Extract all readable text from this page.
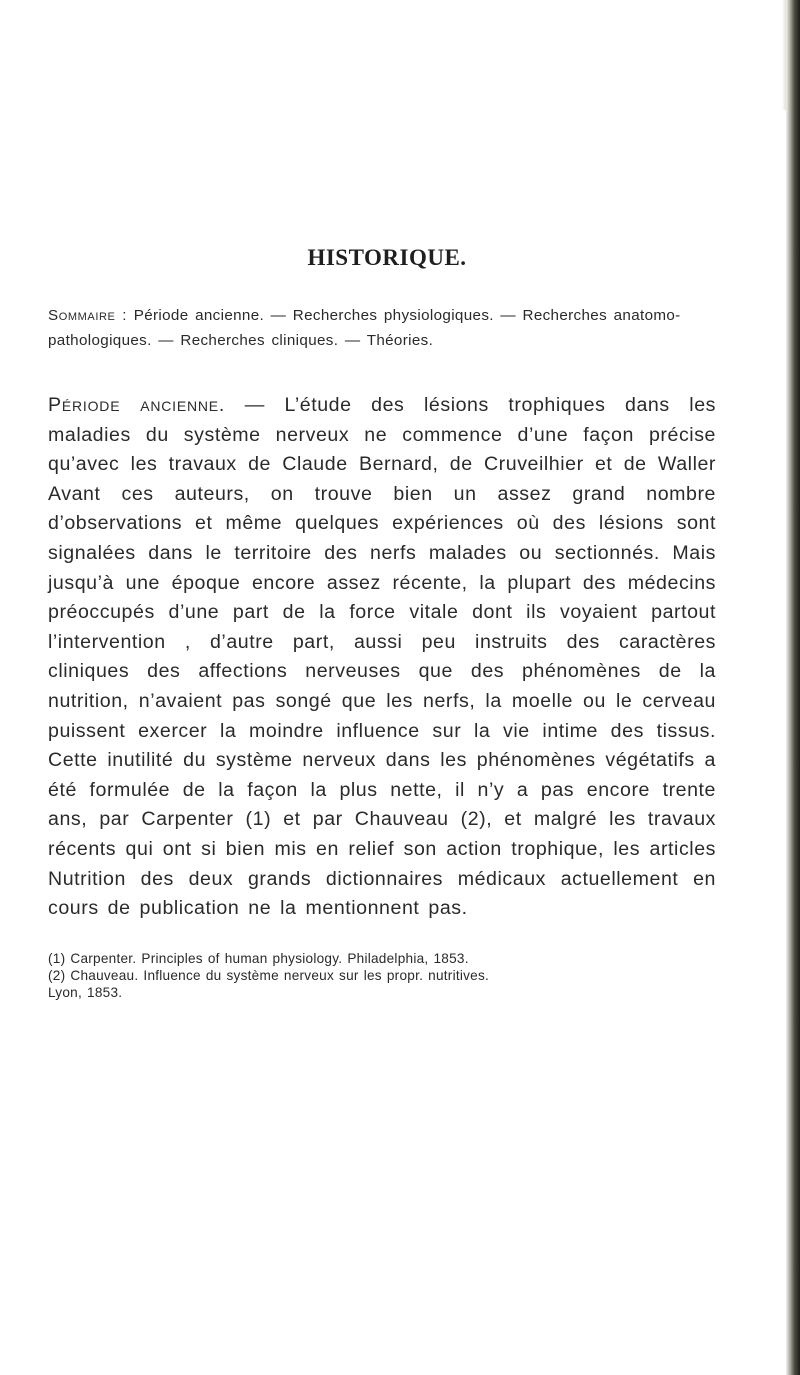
HISTORIQUE.

Sommaire : Période ancienne. — Recherches physiologiques. — Recherches anatomo-pathologiques. — Recherches cliniques. — Théories.

Période ancienne. — L’étude des lésions trophiques dans les maladies du système nerveux ne commence d’une façon précise qu’avec les travaux de Claude Bernard, de Cruveilhier et de Waller Avant ces auteurs, on trouve bien un assez grand nombre d’observations et même quelques expériences où des lésions sont signalées dans le territoire des nerfs malades ou sectionnés. Mais jusqu’à une époque encore assez récente, la plupart des médecins préoccupés d’une part de la force vitale dont ils voyaient partout l’intervention , d’autre part, aussi peu instruits des caractères cliniques des affections nerveuses que des phénomènes de la nutrition, n’avaient pas songé que les nerfs, la moelle ou le cerveau puissent exercer la moindre influence sur la vie intime des tissus. Cette inutilité du système nerveux dans les phénomènes végétatifs a été formulée de la façon la plus nette, il n’y a pas encore trente ans, par Carpenter (1) et par Chauveau (2), et malgré les travaux récents qui ont si bien mis en relief son action trophique, les articles Nutrition des deux grands dictionnaires médicaux actuellement en cours de publication ne la mentionnent pas.

(1) Carpenter. Principles of human physiology. Philadelphia, 1853.
(2) Chauveau. Influence du système nerveux sur les propr. nutritives.
Lyon, 1853.
